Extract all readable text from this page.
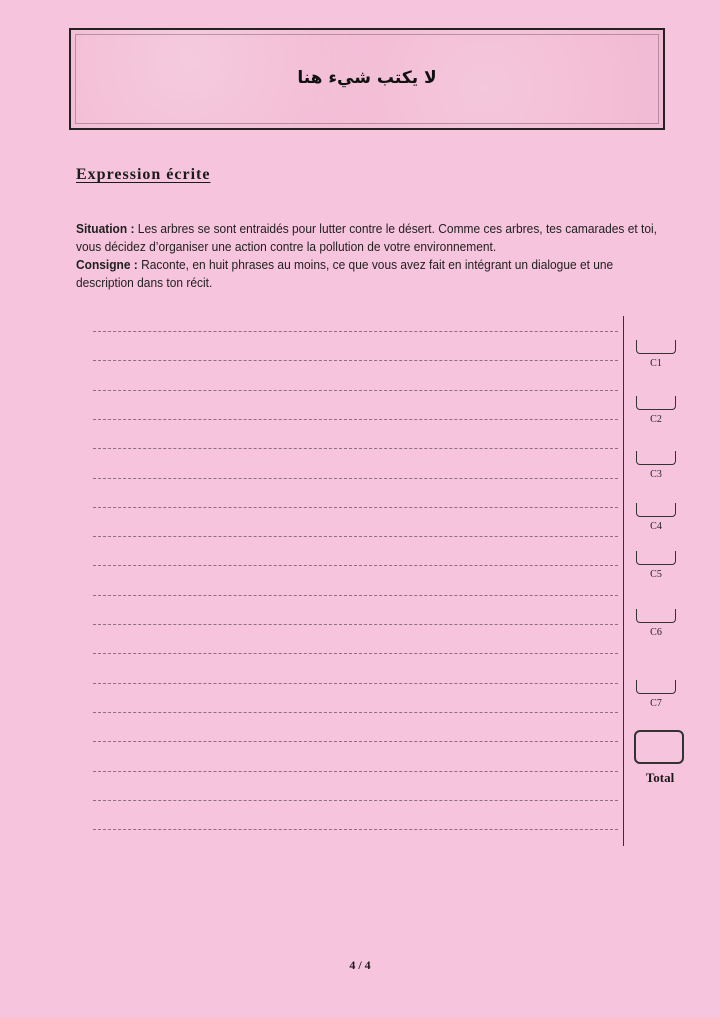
لا يكتب شيء هنا
Expression écrite
Situation : Les arbres se sont entraidés pour lutter contre le désert. Comme ces arbres, tes camarades et toi, vous décidez d’organiser une action contre la pollution de votre environnement.
Consigne : Raconte, en huit phrases au moins, ce que vous avez fait en intégrant un dialogue et une description dans ton récit.
C1
C2
C3
C4
C5
C6
C7
Total
4 / 4
